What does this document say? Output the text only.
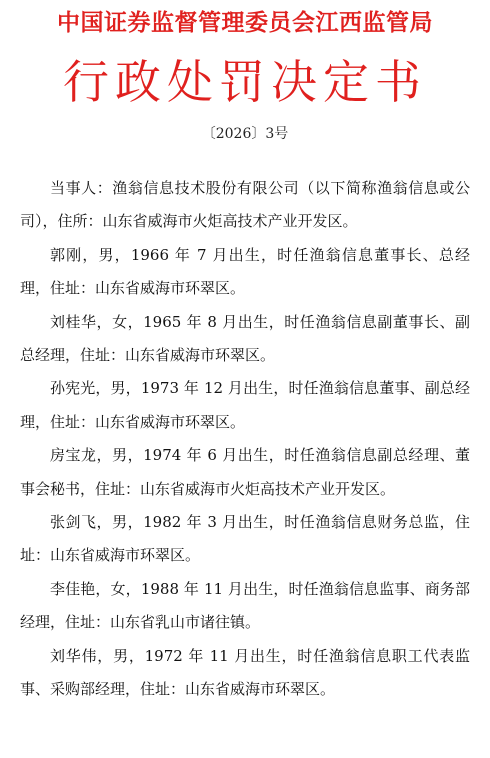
中国证券监督管理委员会江西监管局
行政处罚决定书
〔2026〕3号

当事人：渔翁信息技术股份有限公司（以下简称渔翁信息或公司），住所：山东省威海市火炬高技术产业开发区。

郭刚，男，1966 年 7 月出生，时任渔翁信息董事长、总经理，住址：山东省威海市环翠区。

刘桂华，女，1965 年 8 月出生，时任渔翁信息副董事长、副总经理，住址：山东省威海市环翠区。

孙宪光，男，1973 年 12 月出生，时任渔翁信息董事、副总经理，住址：山东省威海市环翠区。

房宝龙，男，1974 年 6 月出生，时任渔翁信息副总经理、董事会秘书，住址：山东省威海市火炬高技术产业开发区。

张剑飞，男，1982 年 3 月出生，时任渔翁信息财务总监，住址：山东省威海市环翠区。

李佳艳，女，1988 年 11 月出生，时任渔翁信息监事、商务部经理，住址：山东省乳山市诸往镇。

刘华伟，男，1972 年 11 月出生，时任渔翁信息职工代表监事、采购部经理，住址：山东省威海市环翠区。
